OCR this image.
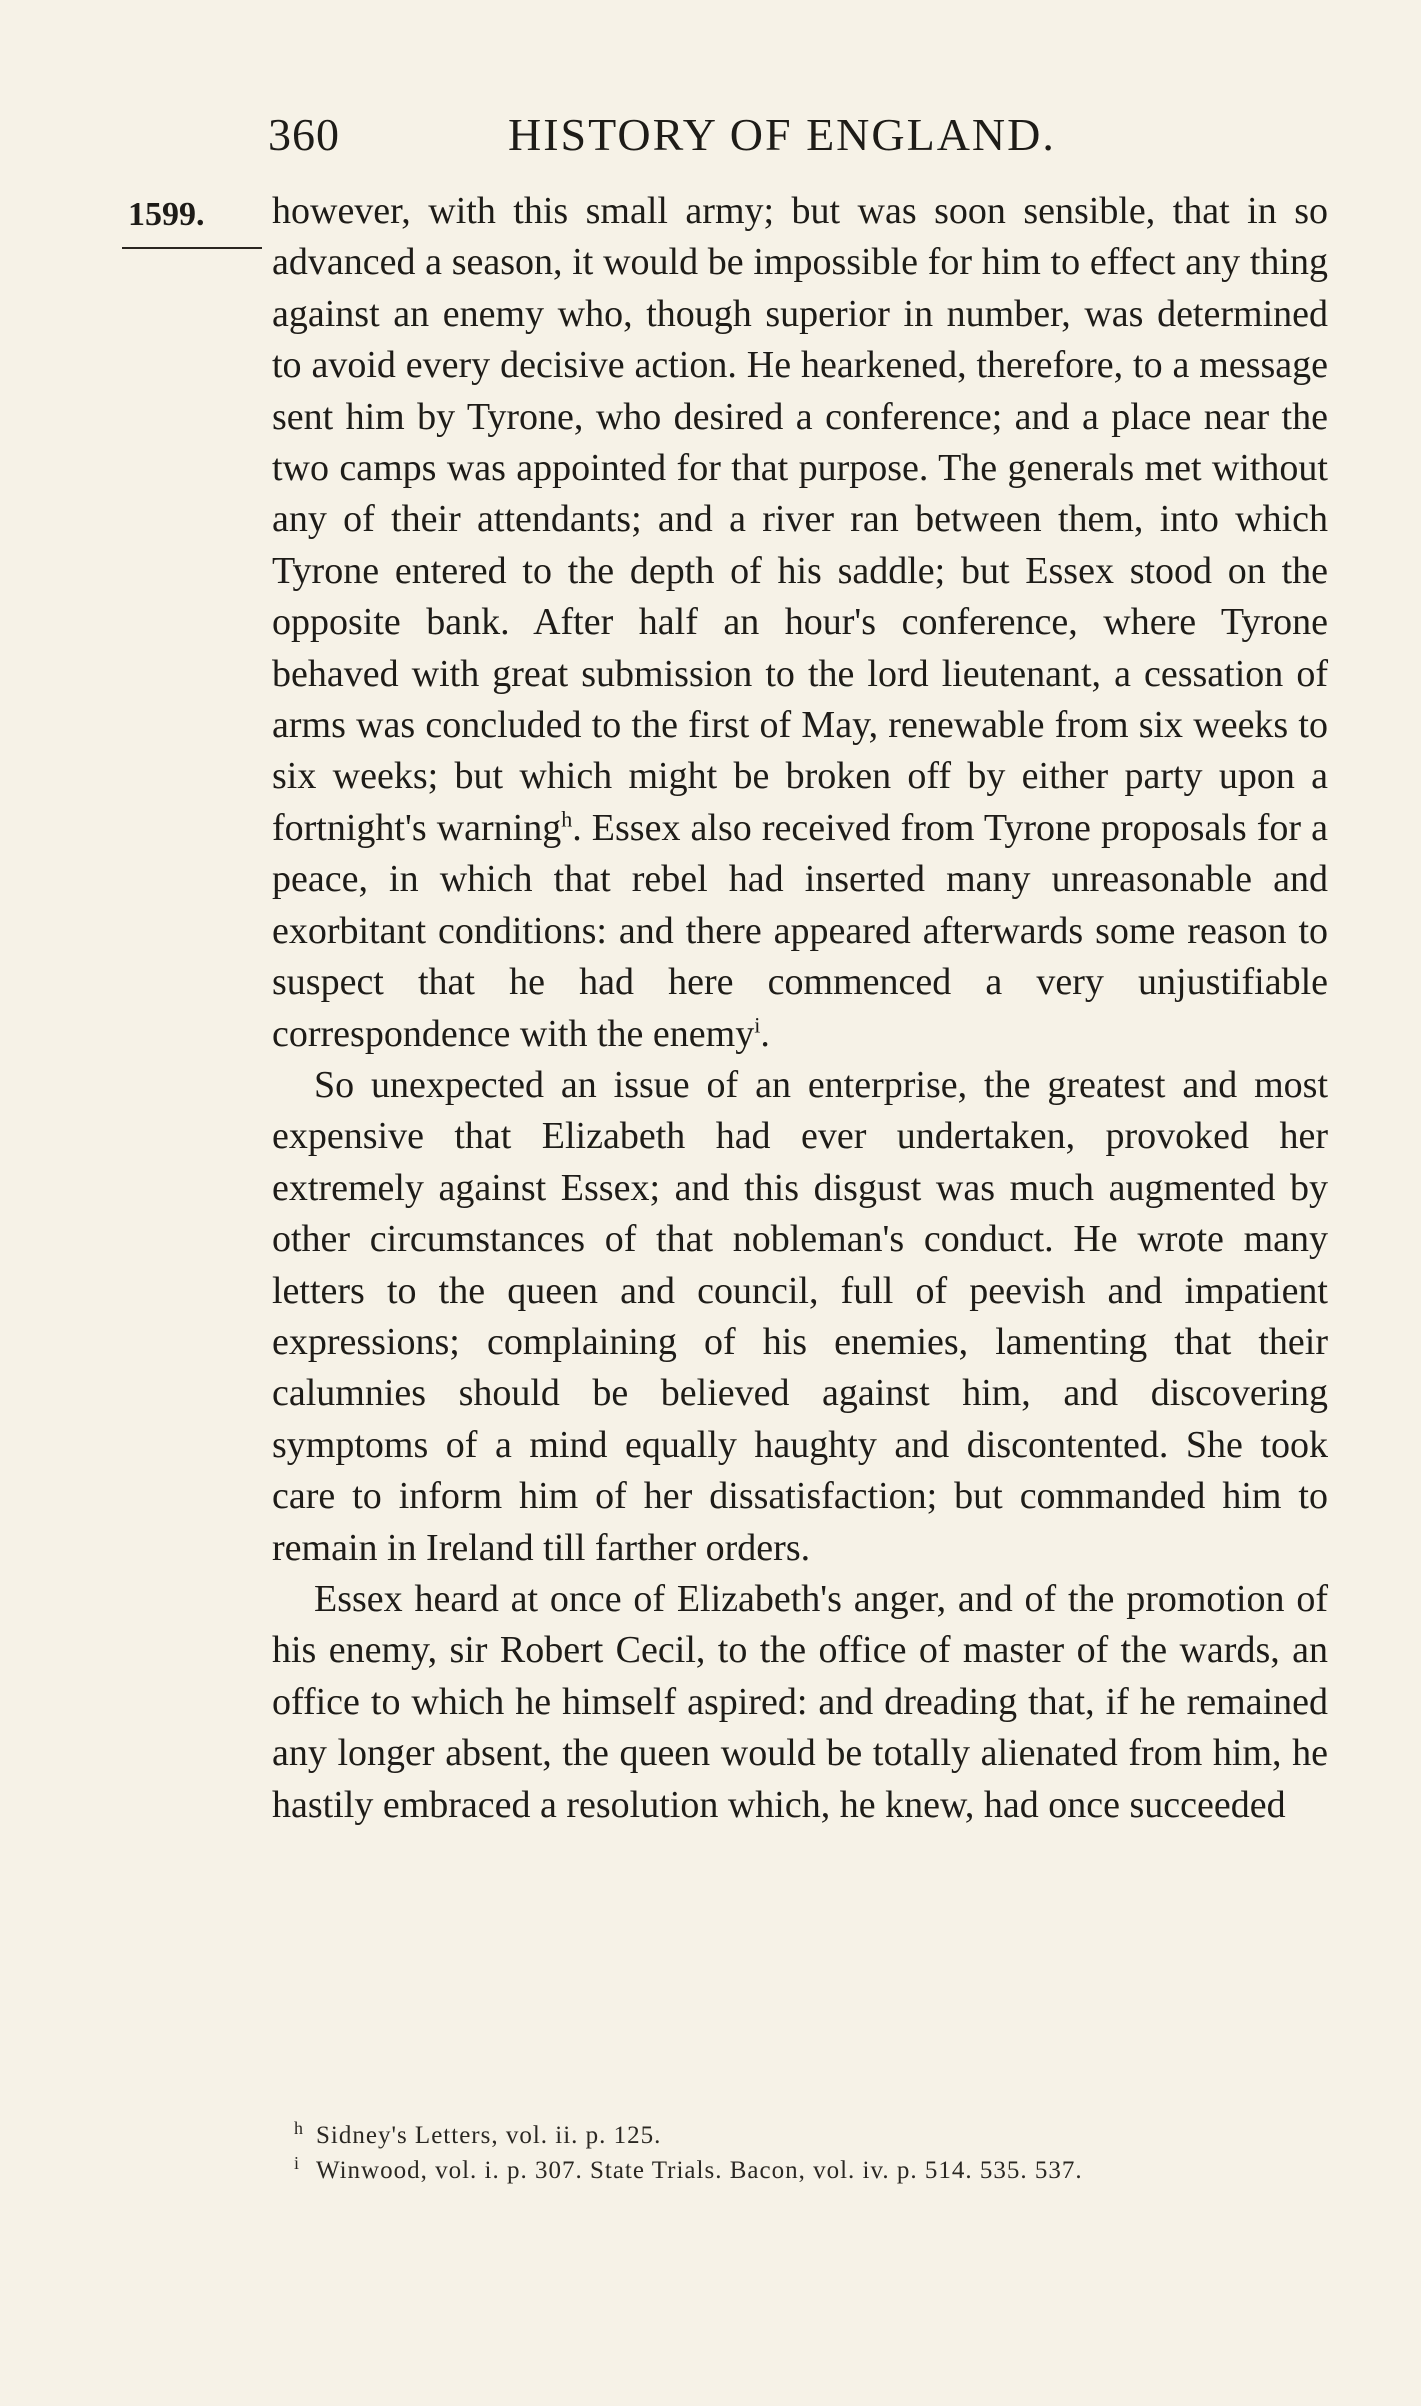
360	HISTORY OF ENGLAND.
1599. however, with this small army; but was soon sensible, that in so advanced a season, it would be impossible for him to effect any thing against an enemy who, though superior in number, was determined to avoid every decisive action. He hearkened, therefore, to a message sent him by Tyrone, who desired a conference; and a place near the two camps was appointed for that purpose. The generals met without any of their attendants; and a river ran between them, into which Tyrone entered to the depth of his saddle; but Essex stood on the opposite bank. After half an hour's conference, where Tyrone behaved with great submission to the lord lieutenant, a cessation of arms was concluded to the first of May, renewable from six weeks to six weeks; but which might be broken off by either party upon a fortnight's warning$^h$. Essex also received from Tyrone proposals for a peace, in which that rebel had inserted many unreasonable and exorbitant conditions: and there appeared afterwards some reason to suspect that he had here commenced a very unjustifiable correspondence with the enemy$^i$.

So unexpected an issue of an enterprise, the greatest and most expensive that Elizabeth had ever undertaken, provoked her extremely against Essex; and this disgust was much augmented by other circumstances of that nobleman's conduct. He wrote many letters to the queen and council, full of peevish and impatient expressions; complaining of his enemies, lamenting that their calumnies should be believed against him, and discovering symptoms of a mind equally haughty and discontented. She took care to inform him of her dissatisfaction; but commanded him to remain in Ireland till farther orders.

Essex heard at once of Elizabeth's anger, and of the promotion of his enemy, sir Robert Cecil, to the office of master of the wards, an office to which he himself aspired: and dreading that, if he remained any longer absent, the queen would be totally alienated from him, he hastily embraced a resolution which, he knew, had once succeeded

h Sidney's Letters, vol. ii. p. 125.
i Winwood, vol. i. p. 307. State Trials. Bacon, vol. iv. p. 514. 535. 537.
